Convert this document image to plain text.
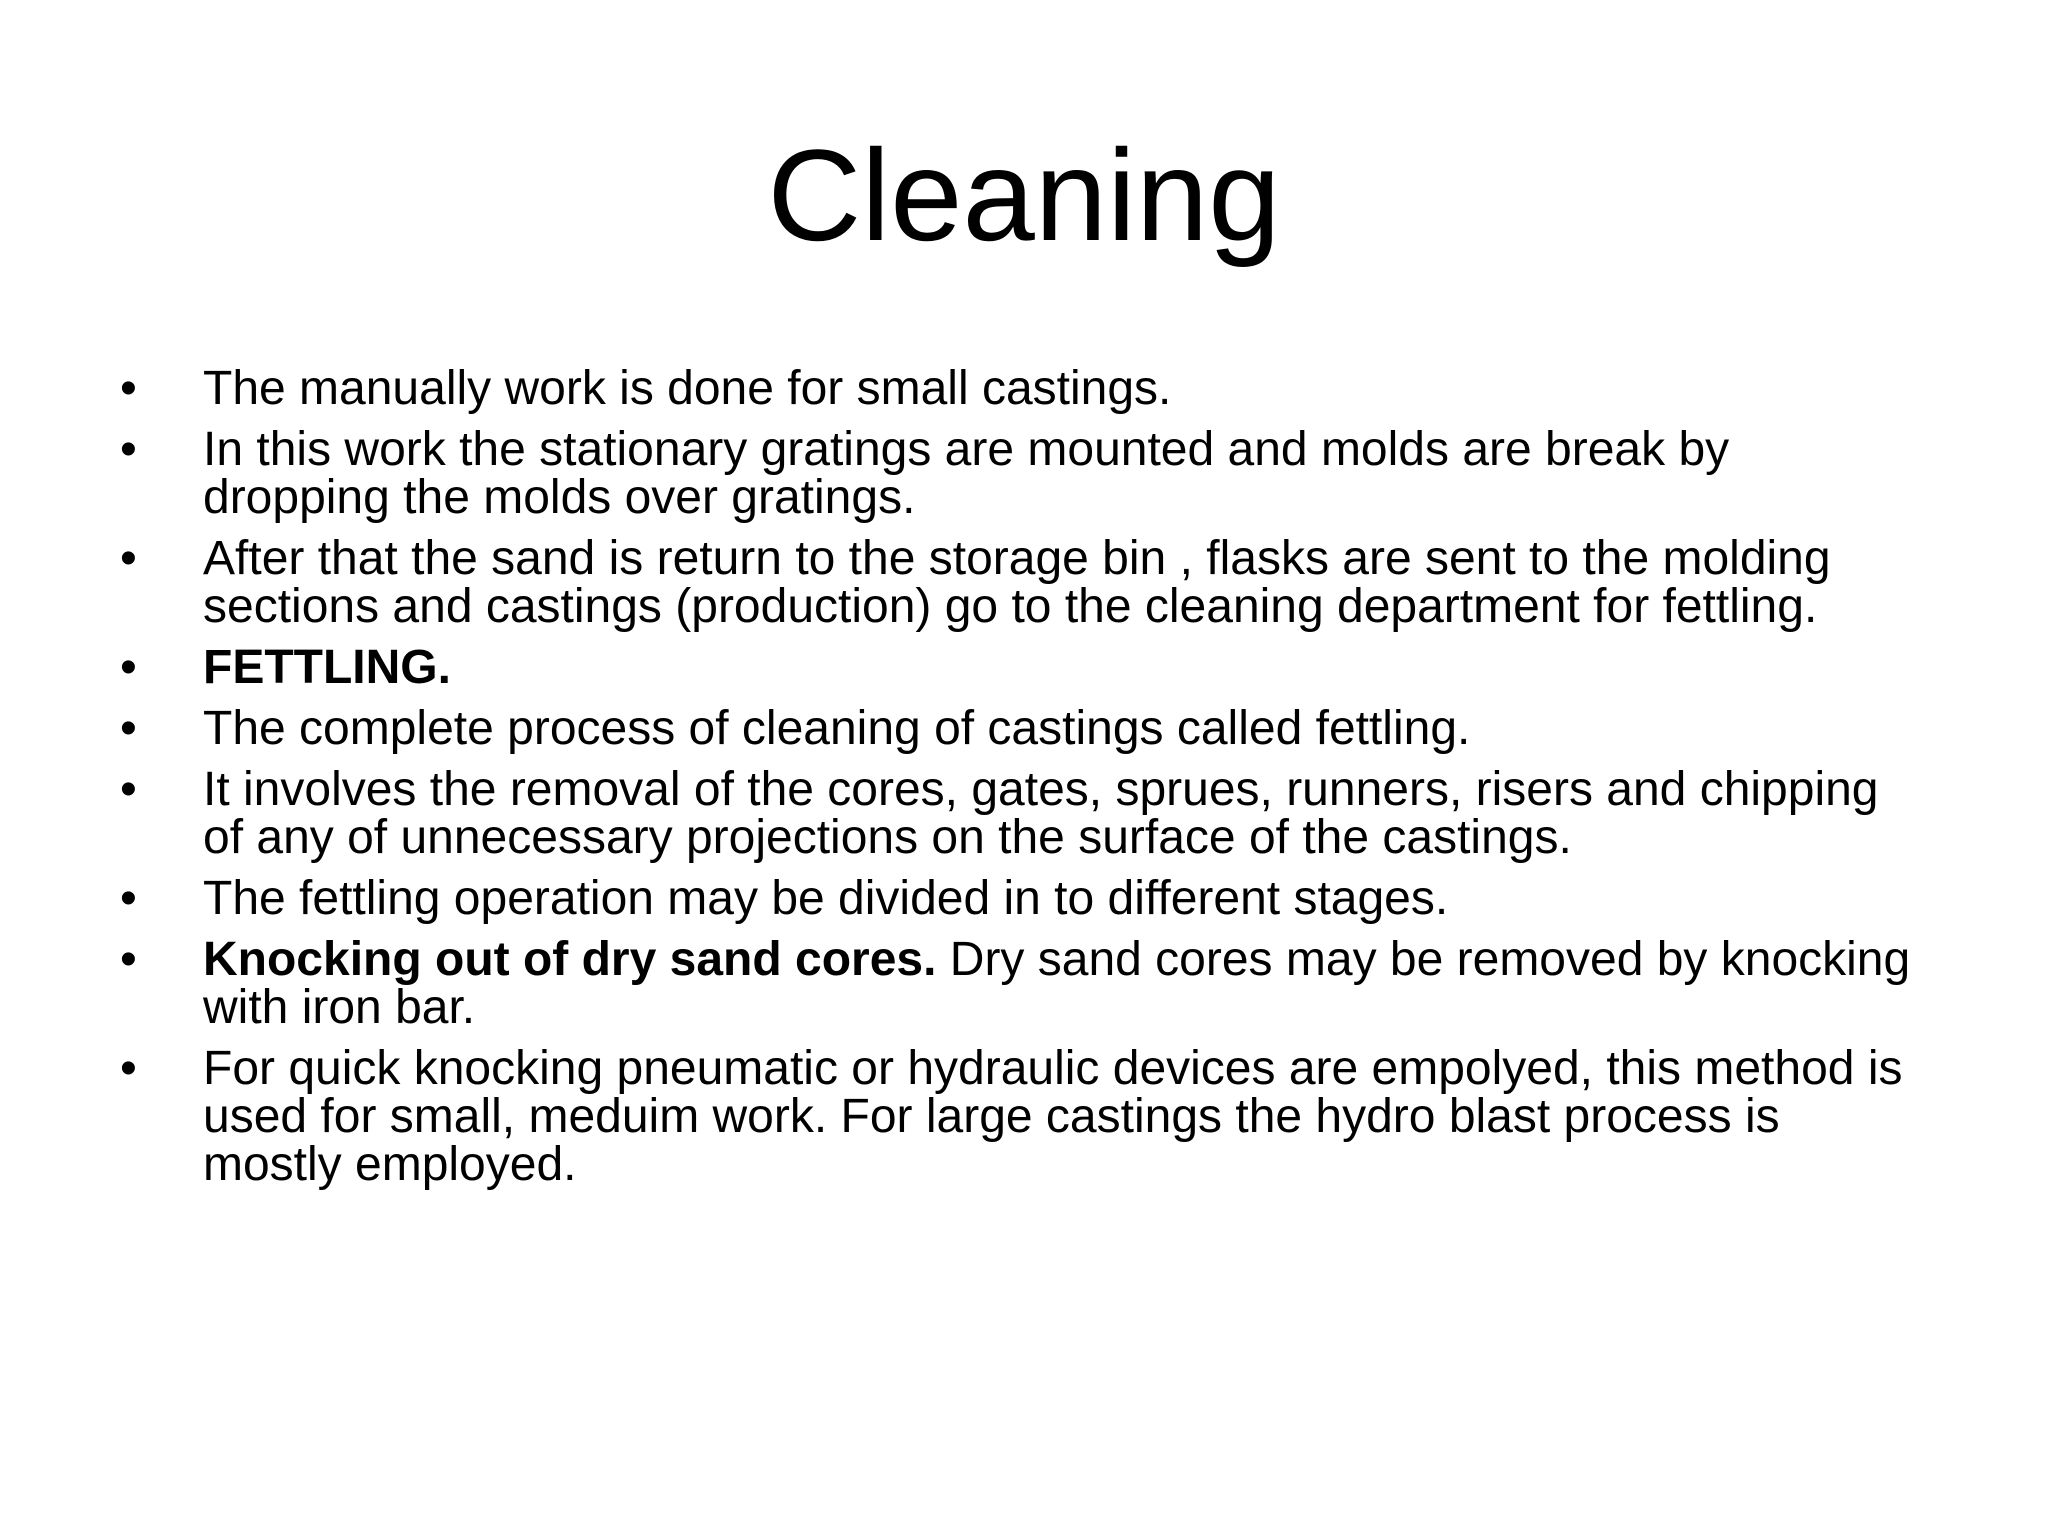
Cleaning
• The manually work is done for small castings.
• In this work the stationary gratings are mounted and molds are break by dropping the molds over gratings.
• After that the sand is return to the storage bin , flasks are sent to the molding sections and castings (production) go to the cleaning department for fettling.
• FETTLING.
• The complete process of cleaning of castings called fettling.
• It involves the removal of the cores, gates, sprues, runners, risers and chipping of any of unnecessary projections on the surface of the castings.
• The fettling operation may be divided in to different stages.
• Knocking out of dry sand cores. Dry sand cores may be removed by knocking with iron bar.
• For quick knocking pneumatic or hydraulic devices are empolyed, this method is used for small, meduim work. For large castings the hydro blast process is mostly employed.
